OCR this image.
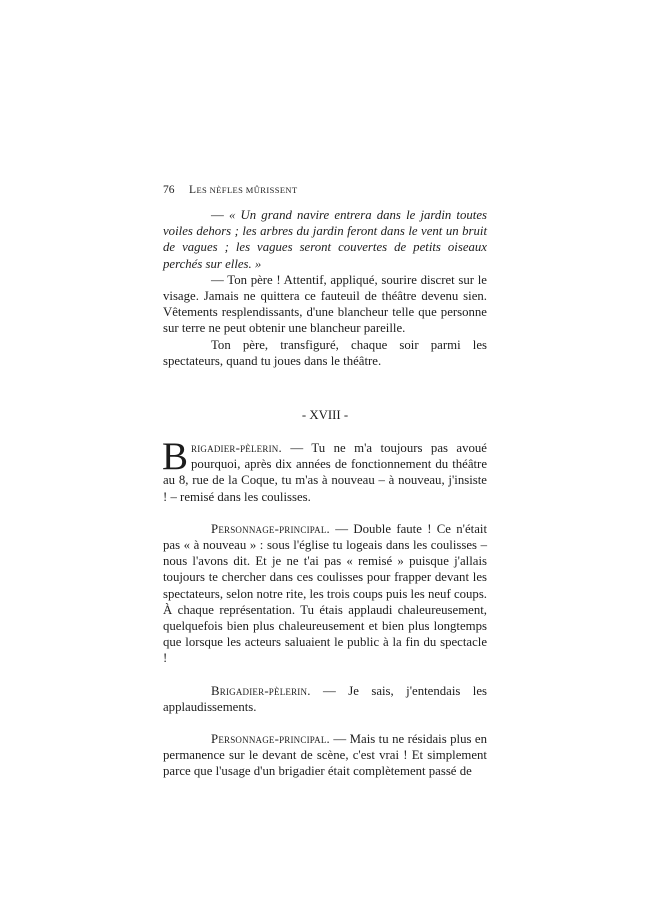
76 LES NÈFLES MÛRISSENT

— « Un grand navire entrera dans le jardin toutes voiles dehors ; les arbres du jardin feront dans le vent un bruit de vagues ; les vagues seront couvertes de petits oiseaux perchés sur elles. »

— Ton père ! Attentif, appliqué, sourire discret sur le visage. Jamais ne quittera ce fauteuil de théâtre devenu sien. Vêtements resplendissants, d'une blancheur telle que personne sur terre ne peut obtenir une blancheur pareille.

Ton père, transfiguré, chaque soir parmi les spectateurs, quand tu joues dans le théâtre.

- XVIII -

Brigadier-pèlerin. — Tu ne m'a toujours pas avoué pourquoi, après dix années de fonctionnement du théâtre au 8, rue de la Coque, tu m'as à nouveau – à nouveau, j'insiste ! – remisé dans les coulisses.

Personnage-principal. — Double faute ! Ce n'était pas « à nouveau » : sous l'église tu logeais dans les coulisses – nous l'avons dit. Et je ne t'ai pas « remisé » puisque j'allais toujours te chercher dans ces coulisses pour frapper devant les spectateurs, selon notre rite, les trois coups puis les neuf coups. À chaque représentation. Tu étais applaudi chaleureusement, quelquefois bien plus chaleureusement et bien plus longtemps que lorsque les acteurs saluaient le public à la fin du spectacle !

Brigadier-pèlerin. — Je sais, j'entendais les applaudissements.

Personnage-principal. — Mais tu ne résidais plus en permanence sur le devant de scène, c'est vrai ! Et simplement parce que l'usage d'un brigadier était complètement passé de
